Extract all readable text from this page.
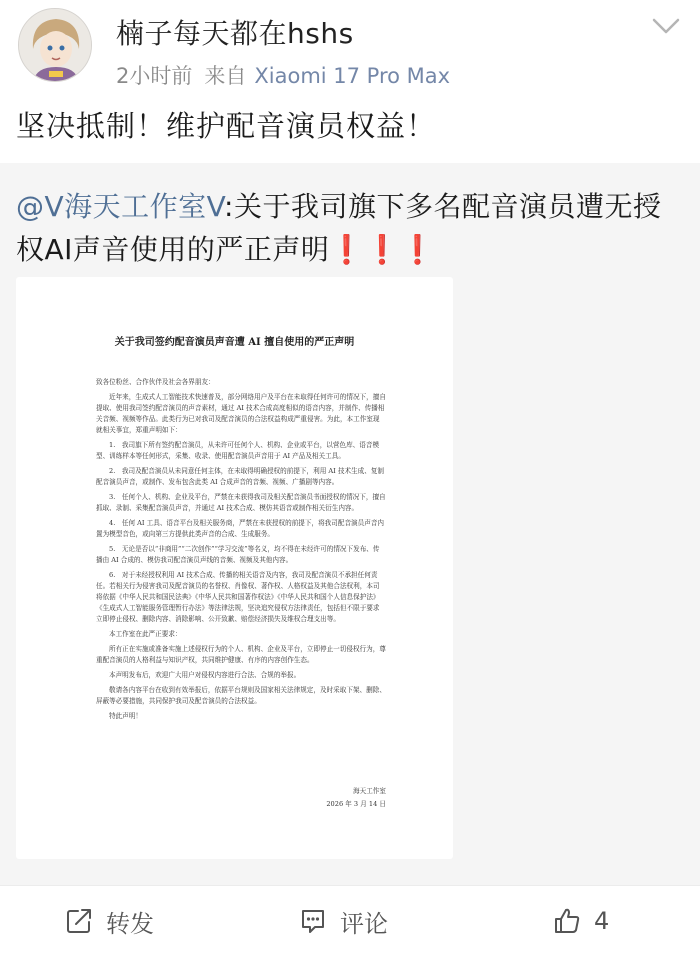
楠子每天都在hshs
2小时前 来自 Xiaomi 17 Pro Max
坚决抵制！维护配音演员权益！
@V海天工作室V:关于我司旗下多名配音演员遭无授权AI声音使用的严正声明❗❗❗
关于我司签约配音演员声音遭 AI 擅自使用的严正声明

致各位粉丝、合作伙伴及社会各界朋友：

近年来，生成式人工智能技术快速普及，部分网络用户及平台在未取得任何许可的情况下，擅自提取、使用我司签约配音演员的声音素材，通过 AI 技术合成高度相似的语音内容，并制作、传播相关音频、视频等作品。此类行为已对我司及配音演员的合法权益构成严重侵害。为此，本工作室现就相关事宜，郑重声明如下：

1.　我司旗下所有签约配音演员，从未许可任何个人、机构、企业或平台，以营色库、语音模型、训练样本等任何形式，采集、收录、使用配音演员声音用于 AI 产品及相关工具。

2.　我司及配音演员从未同意任何主体，在未取得明确授权的前提下，利用 AI 技术生成、复制配音演员声音，或制作、发布包含此类 AI 合成声音的音频、视频、广播剧等内容。

3.　任何个人、机构、企业及平台，严禁在未获得我司及相关配音演员书面授权的情况下，擅自抓取、录制、采集配音演员声音，并通过 AI 技术合成、模仿其语音或制作相关衍生内容。

4.　任何 AI 工具、语音平台及相关服务商，严禁在未获授权的前提下，将我司配音演员声音内置为模型音色，或向第三方提供此类声音的合成、生成服务。

5.　无论是否以“非商用”“二次创作”“学习交流”等名义，均不得在未经许可的情况下发布、传播由 AI 合成的、模仿我司配音演员声线的音频、视频及其他内容。

6.　对于未经授权利用 AI 技术合成、传播的相关语音及内容，我司及配音演员不承担任何责任。若相关行为侵害我司及配音演员的名誉权、肖像权、著作权、人格权益及其他合法权利，本司将依据《中华人民共和国民法典》《中华人民共和国著作权法》《中华人民共和国个人信息保护法》《生成式人工智能服务管理暂行办法》等法律法规，坚决追究侵权方法律责任，包括但不限于要求立即停止侵权、删除内容、消除影响、公开致歉、赔偿经济损失及维权合理支出等。

本工作室在此严正要求：

所有正在实施或准备实施上述侵权行为的个人、机构、企业及平台，立即停止一切侵权行为，尊重配音演员的人格利益与知识产权，共同维护健康、有序的内容创作生态。

本声明发布后，欢迎广大用户对侵权内容进行合法、合规的举报。

敬请各内容平台在收到有效举报后，依据平台规则及国家相关法律规定，及时采取下架、删除、屏蔽等必要措施，共同保护我司及配音演员的合法权益。

特此声明！

海天工作室
2026 年 3 月 14 日
转发	评论	4
